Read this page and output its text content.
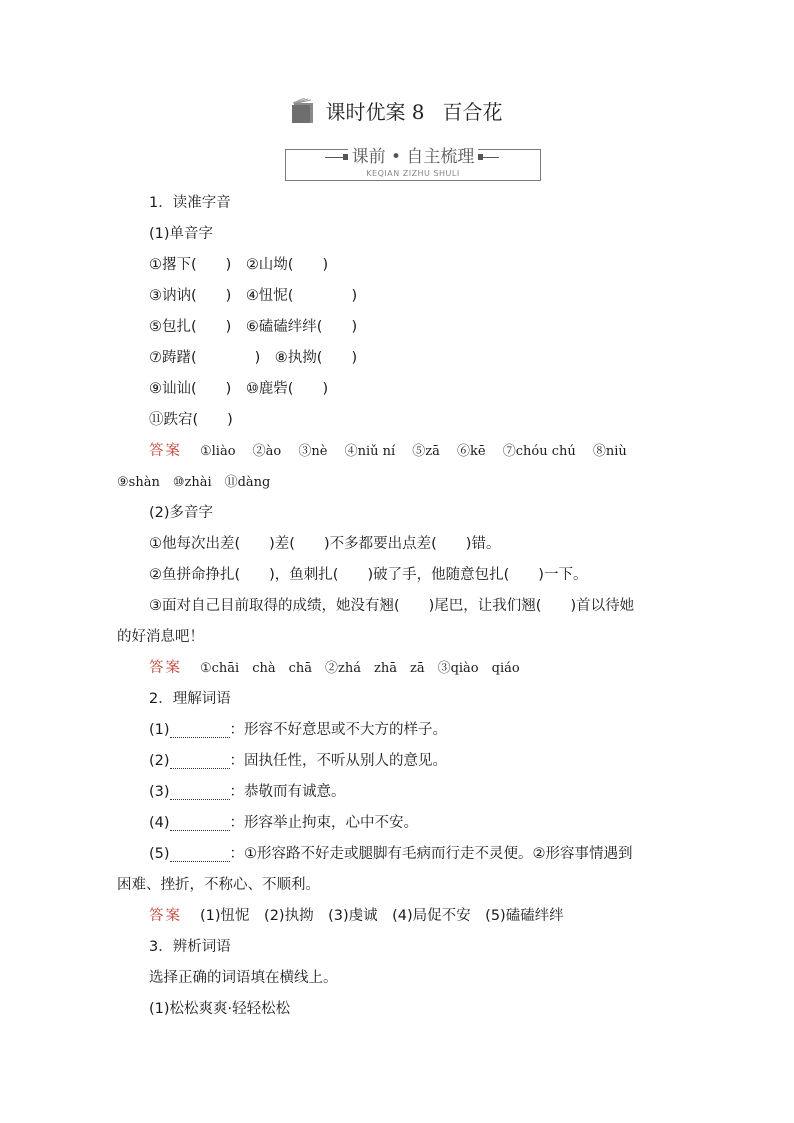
课时优案 8 百合花
课前 • 自主梳理
KEQIAN ZIZHU SHULI
1．读准字音
(1)单音字
①撂下(　　)　②山坳(　　)
③讷讷(　　)　④忸怩(　　　　)
⑤包扎(　　)　⑥磕磕绊绊(　　)
⑦踌躇(　　　　)　⑧执拗(　　)
⑨讪讪(　　)　⑩鹿砦(　　)
⑪跌宕(　　)
答案 ①liào　 ②ào　 ③nè　 ④niǔ ní　 ⑤zā　 ⑥kē　 ⑦chóu chú　 ⑧niù
⑨shàn　⑩zhài　⑪dàng
(2)多音字
①他每次出差(　　)差(　　)不多都要出点差(　　)错。
②鱼拼命挣扎(　　)，鱼刺扎(　　)破了手，他随意包扎(　　)一下。
③面对自己目前取得的成绩，她没有翘(　　)尾巴，让我们翘(　　)首以待她
的好消息吧！
答案 ①chāi　chà　chā　②zhá　zhā　zā　③qiào　qiáo
2．理解词语
(1)	：形容不好意思或不大方的样子。
(2)	：固执任性，不听从别人的意见。
(3)	：恭敬而有诚意。
(4)	：形容举止拘束，心中不安。
(5)	：①形容路不好走或腿脚有毛病而行走不灵便。②形容事情遇到
困难、挫折，不称心、不顺利。
答案 (1)忸怩　(2)执拗　(3)虔诚　(4)局促不安　(5)磕磕绊绊
3．辨析词语
选择正确的词语填在横线上。
(1)松松爽爽·轻轻松松
